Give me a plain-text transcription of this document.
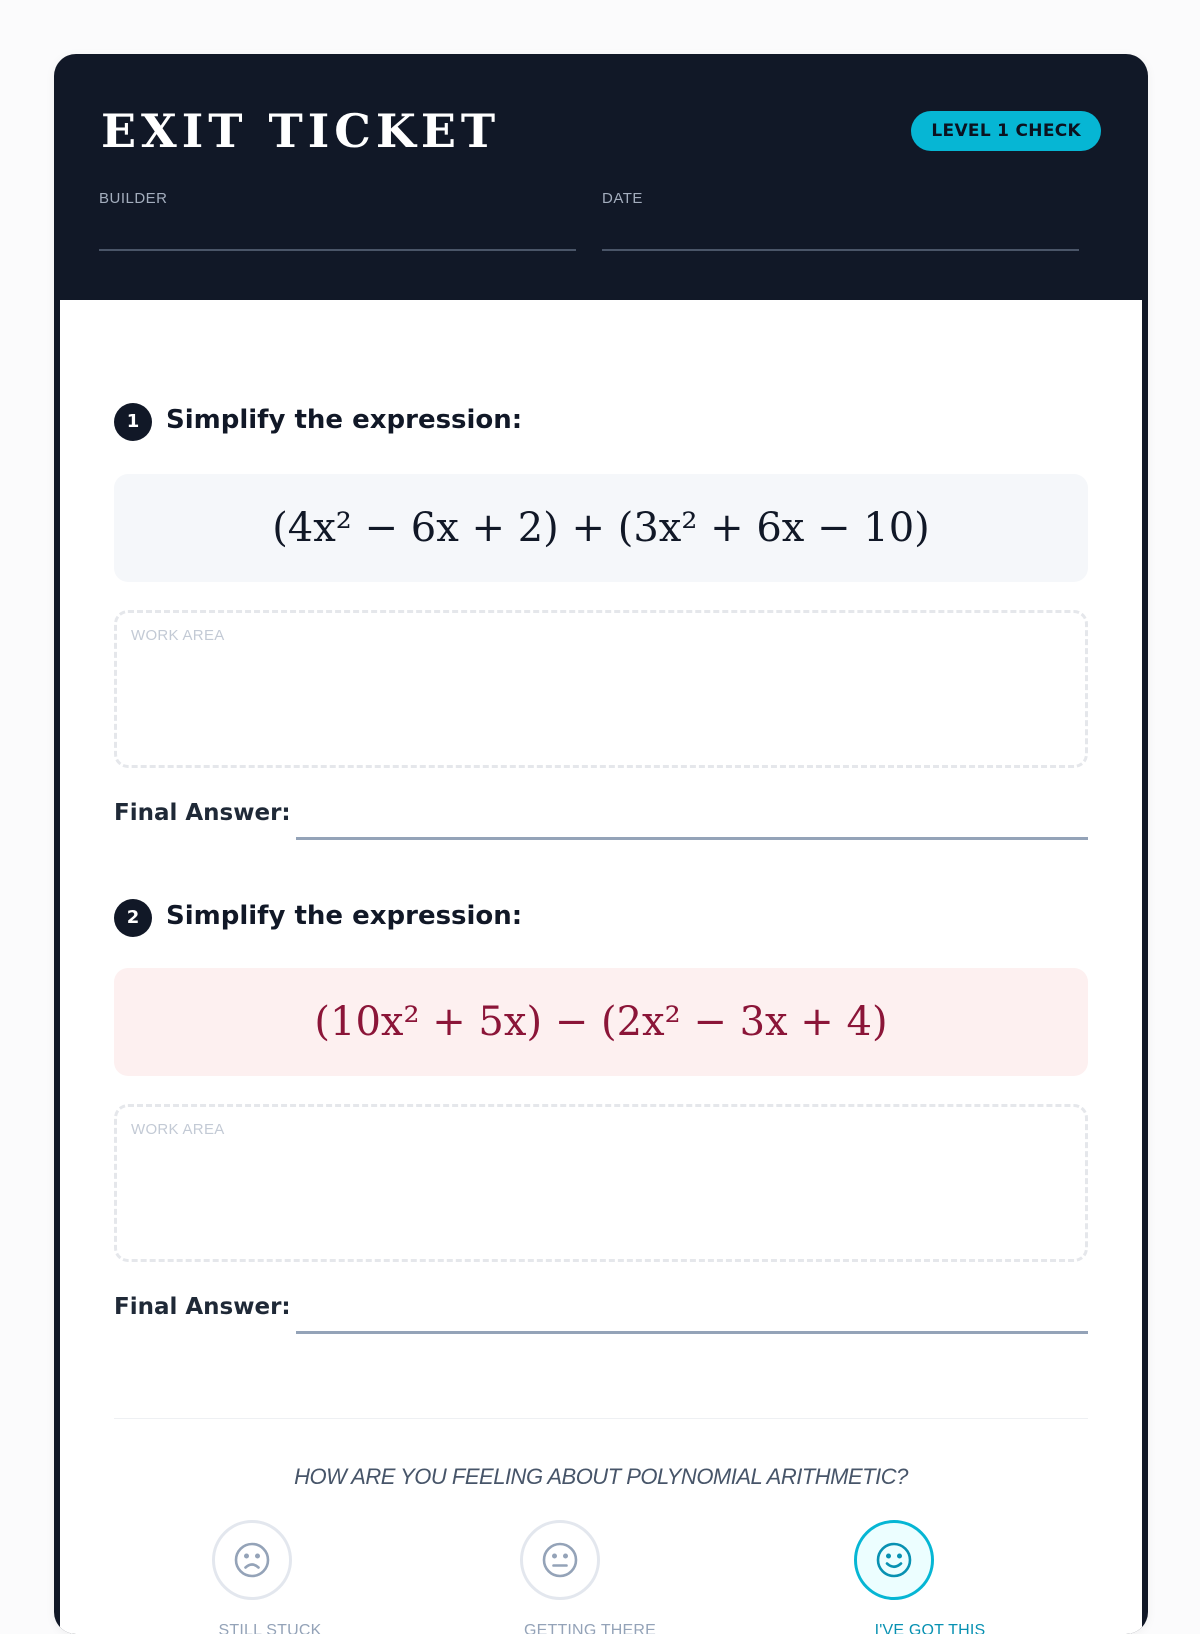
EXIT TICKET	LEVEL 1 CHECK
BUILDER	DATE
1	Simplify the expression:
(4x² − 6x + 2) + (3x² + 6x − 10)
WORK AREA
Final Answer:
2	Simplify the expression:
(10x² + 5x) − (2x² − 3x + 4)
WORK AREA
Final Answer:
HOW ARE YOU FEELING ABOUT POLYNOMIAL ARITHMETIC?
STILL STUCK	GETTING THERE	I'VE GOT THIS
